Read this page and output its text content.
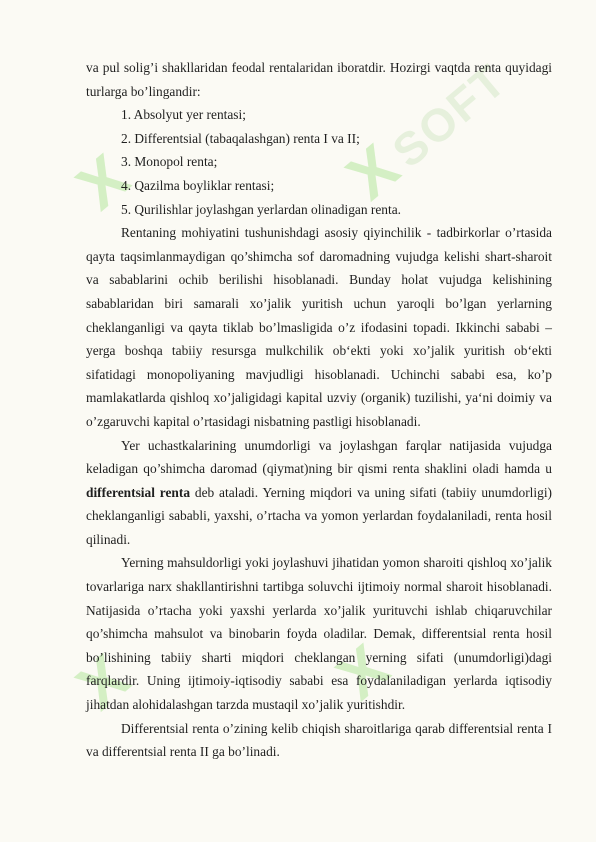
X	X SOFT
X	X

va pul solig’i shakllaridan feodal rentalaridan iboratdir. Hozirgi vaqtda renta quyidagi turlarga bo’lingandir:

1. Absolyut yer rentasi;
2. Differentsial (tabaqalashgan) renta I va II;
3. Monopol renta;
4. Qazilma boyliklar rentasi;
5. Qurilishlar joylashgan yerlardan olinadigan renta.

Rentaning mohiyatini tushunishdagi asosiy qiyinchilik - tadbirkorlar o’rtasida qayta taqsimlanmaydigan qo’shimcha sof daromadning vujudga kelishi shart-sharoit va sabablarini ochib berilishi hisoblanadi. Bunday holat vujudga kelishining sabablaridan biri samarali xo’jalik yuritish uchun yaroqli bo’lgan yerlarning cheklanganligi va qayta tiklab bo’lmasligida o’z ifodasini topadi. Ikkinchi sababi – yerga boshqa tabiiy resursga mulkchilik ob‘ekti yoki xo’jalik yuritish ob‘ekti sifatidagi monopoliyaning mavjudligi hisoblanadi. Uchinchi sababi esa, ko’p mamlakatlarda qishloq xo’jaligidagi kapital uzviy (organik) tuzilishi, ya‘ni doimiy va o’zgaruvchi kapital o’rtasidagi nisbatning pastligi hisoblanadi.

Yer uchastkalarining unumdorligi va joylashgan farqlar natijasida vujudga keladigan qo’shimcha daromad (qiymat)ning bir qismi renta shaklini oladi hamda u differentsial renta deb ataladi. Yerning miqdori va uning sifati (tabiiy unumdorligi) cheklanganligi sababli, yaxshi, o’rtacha va yomon yerlardan foydalaniladi, renta hosil qilinadi.

Yerning mahsuldorligi yoki joylashuvi jihatidan yomon sharoiti qishloq xo’jalik tovarlariga narx shakllantirishni tartibga soluvchi ijtimoiy normal sharoit hisoblanadi. Natijasida o’rtacha yoki yaxshi yerlarda xo’jalik yurituvchi ishlab chiqaruvchilar qo’shimcha mahsulot va binobarin foyda oladilar. Demak, differentsial renta hosil bo’lishining tabiiy sharti miqdori cheklangan yerning sifati (unumdorligi)dagi farqlardir. Uning ijtimoiy-iqtisodiy sababi esa foydalaniladigan yerlarda iqtisodiy jihatdan alohidalashgan tarzda mustaqil xo’jalik yuritishdir.

Differentsial renta o’zining kelib chiqish sharoitlariga qarab differentsial renta I va differentsial renta II ga bo’linadi.
